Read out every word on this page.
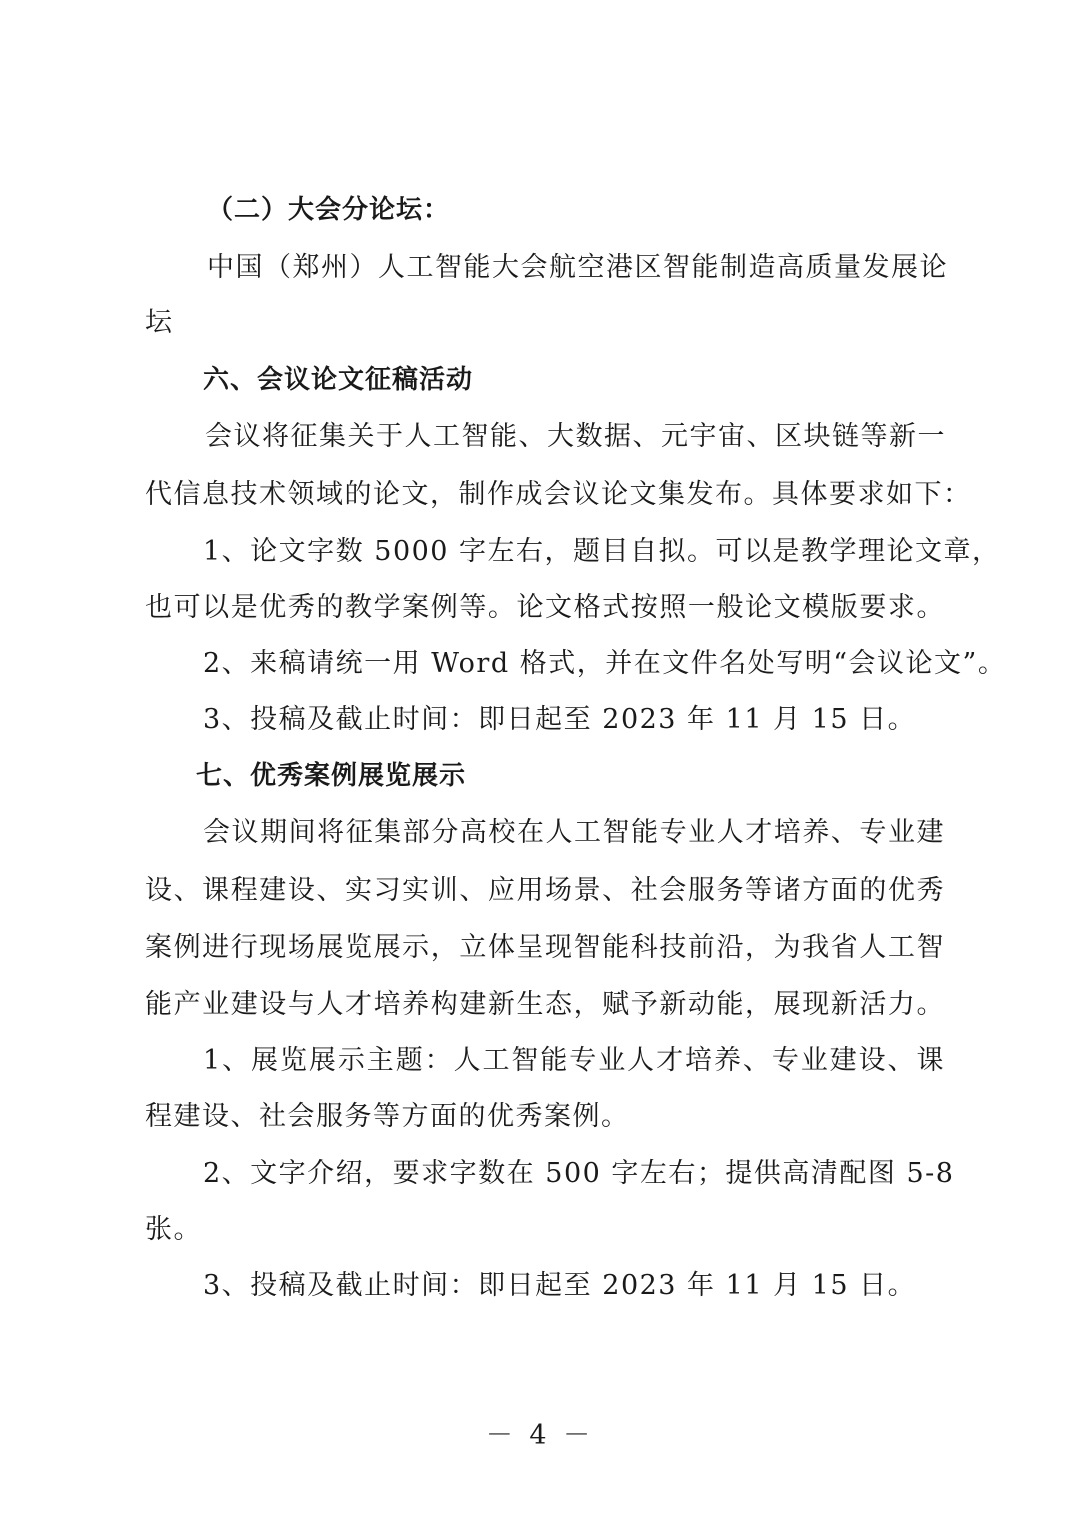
（二）大会分论坛：
中国（郑州）人工智能大会航空港区智能制造高质量发展论
坛
六、会议论文征稿活动
会议将征集关于人工智能、大数据、元宇宙、区块链等新一
代信息技术领域的论文，制作成会议论文集发布。具体要求如下：
1、论文字数 5000 字左右，题目自拟。可以是教学理论文章，
也可以是优秀的教学案例等。论文格式按照一般论文模版要求。
2、来稿请统一用 Word 格式，并在文件名处写明“会议论文”。
3、投稿及截止时间：即日起至 2023 年 11 月 15 日。
七、优秀案例展览展示
会议期间将征集部分高校在人工智能专业人才培养、专业建
设、课程建设、实习实训、应用场景、社会服务等诸方面的优秀
案例进行现场展览展示，立体呈现智能科技前沿，为我省人工智
能产业建设与人才培养构建新生态，赋予新动能，展现新活力。
1、展览展示主题：人工智能专业人才培养、专业建设、课
程建设、社会服务等方面的优秀案例。
2、文字介绍，要求字数在 500 字左右；提供高清配图 5-8
张。
3、投稿及截止时间：即日起至 2023 年 11 月 15 日。
－ 4 －
